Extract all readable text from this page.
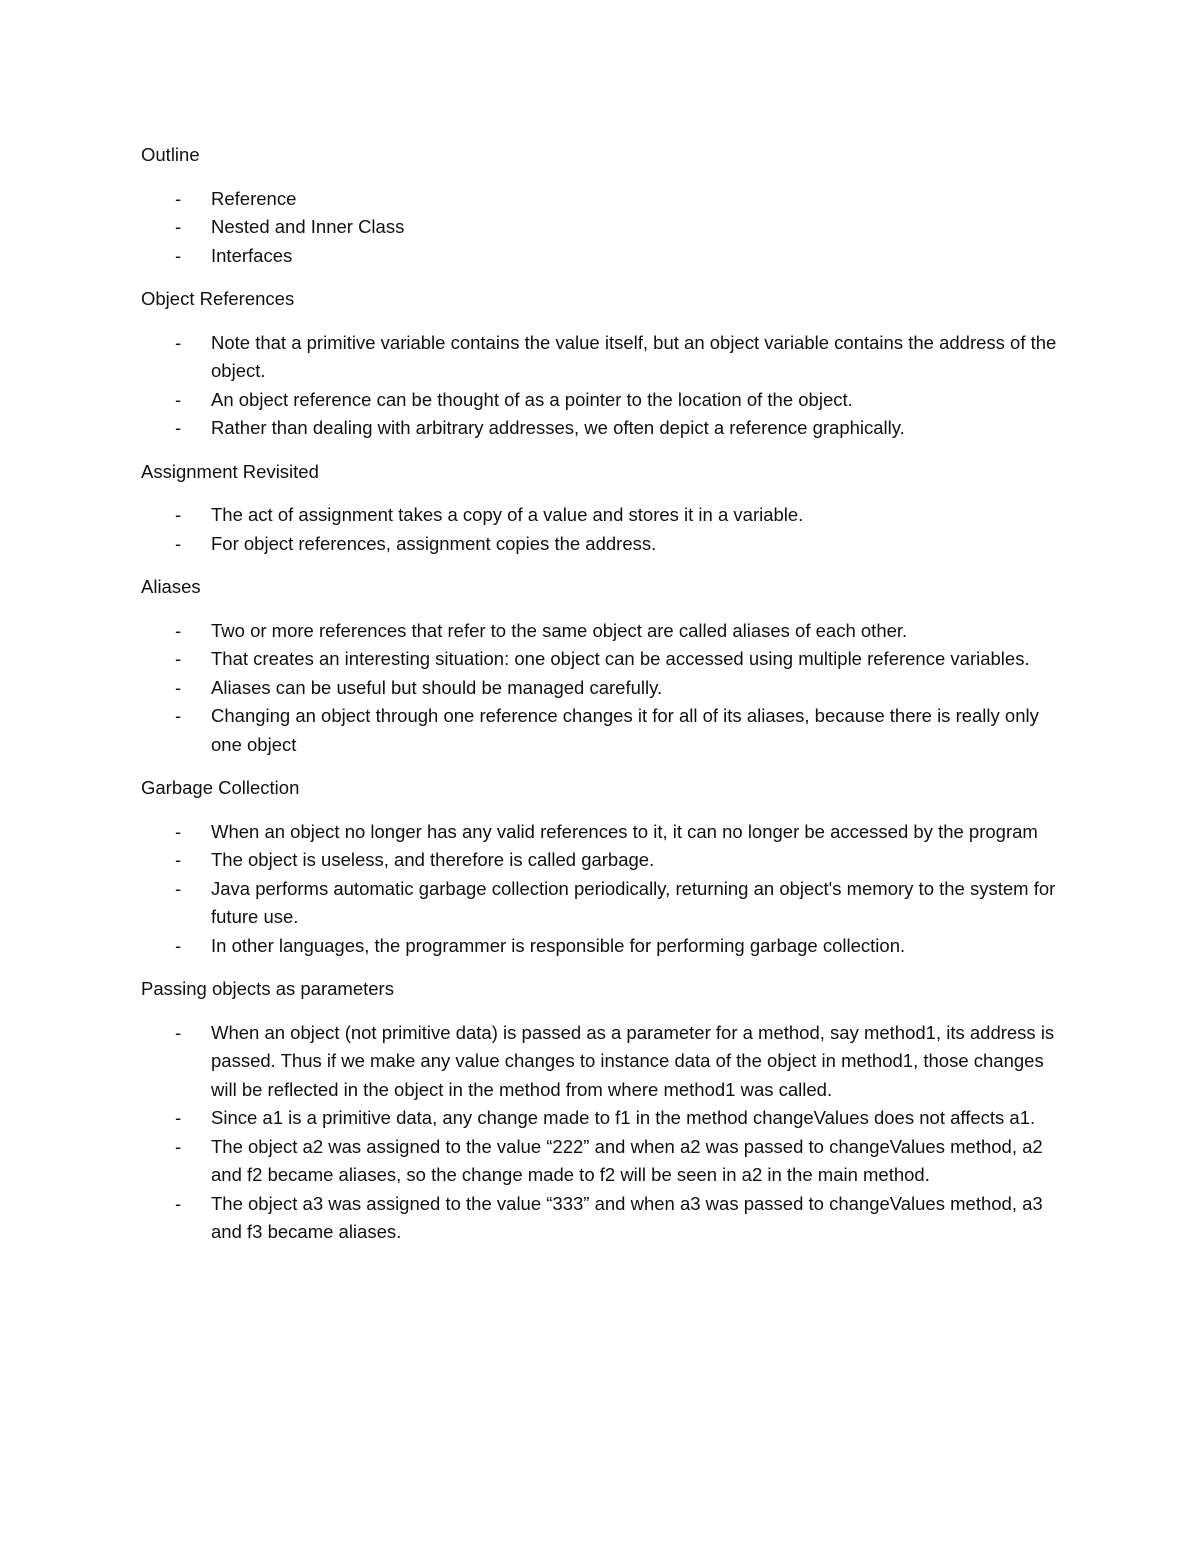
Outline

- Reference
- Nested and Inner Class
- Interfaces

Object References

- Note that a primitive variable contains the value itself, but an object variable contains the address of the object.
- An object reference can be thought of as a pointer to the location of the object.
- Rather than dealing with arbitrary addresses, we often depict a reference graphically.

Assignment Revisited

- The act of assignment takes a copy of a value and stores it in a variable.
- For object references, assignment copies the address.

Aliases

- Two or more references that refer to the same object are called aliases of each other.
- That creates an interesting situation: one object can be accessed using multiple reference variables.
- Aliases can be useful but should be managed carefully.
- Changing an object through one reference changes it for all of its aliases, because there is really only one object

Garbage Collection

- When an object no longer has any valid references to it, it can no longer be accessed by the program
- The object is useless, and therefore is called garbage.
- Java performs automatic garbage collection periodically, returning an object's memory to the system for future use.
- In other languages, the programmer is responsible for performing garbage collection.

Passing objects as parameters

- When an object (not primitive data) is passed as a parameter for a method, say method1, its address is passed. Thus if we make any value changes to instance data of the object in method1, those changes will be reflected in the object in the method from where method1 was called.
- Since a1 is a primitive data, any change made to f1 in the method changeValues does not affects a1.
- The object a2 was assigned to the value “222” and when a2 was passed to changeValues method, a2 and f2 became aliases, so the change made to f2 will be seen in a2 in the main method.
- The object a3 was assigned to the value “333” and when a3 was passed to changeValues method, a3 and f3 became aliases.
